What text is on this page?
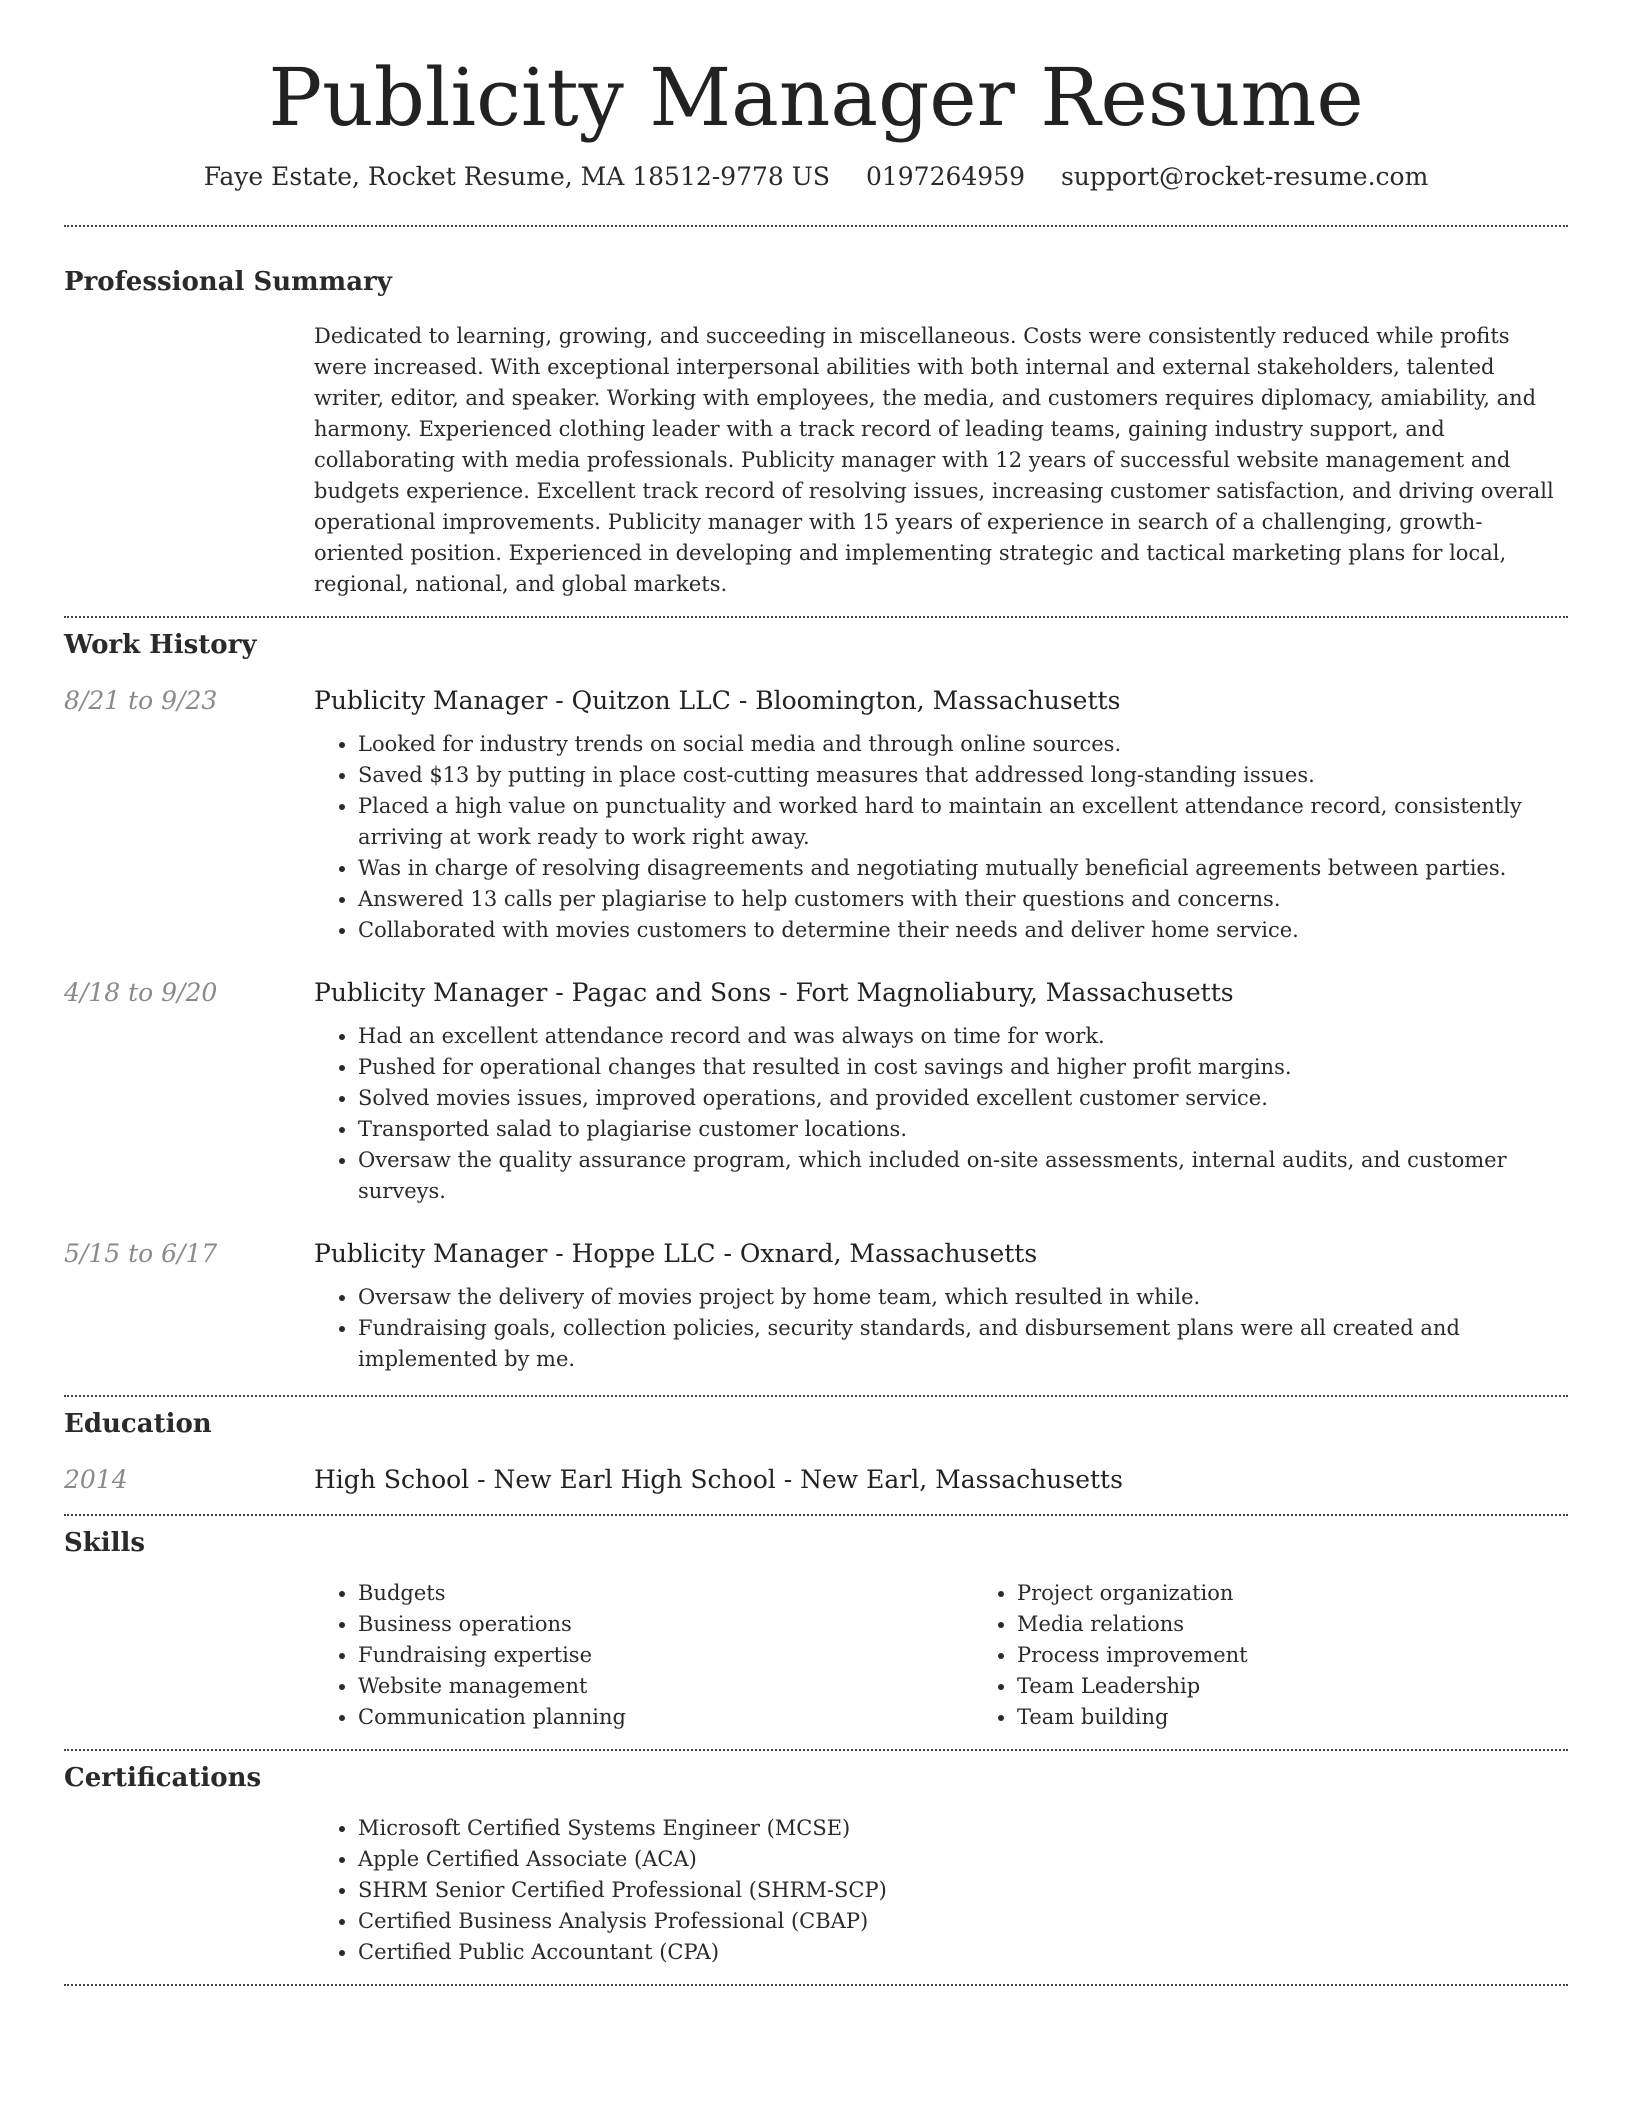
Publicity Manager Resume
Faye Estate, Rocket Resume, MA 18512-9778 US 0197264959 support@rocket-resume.com
Professional Summary

Dedicated to learning, growing, and succeeding in miscellaneous. Costs were consistently reduced while profits were increased. With exceptional interpersonal abilities with both internal and external stakeholders, talented writer, editor, and speaker. Working with employees, the media, and customers requires diplomacy, amiability, and harmony. Experienced clothing leader with a track record of leading teams, gaining industry support, and collaborating with media professionals. Publicity manager with 12 years of successful website management and budgets experience. Excellent track record of resolving issues, increasing customer satisfaction, and driving overall operational improvements. Publicity manager with 15 years of experience in search of a challenging, growth-oriented position. Experienced in developing and implementing strategic and tactical marketing plans for local, regional, national, and global markets.

Work History
8/21 to 9/23	Publicity Manager - Quitzon LLC - Bloomington, Massachusetts
• Looked for industry trends on social media and through online sources.
• Saved $13 by putting in place cost-cutting measures that addressed long-standing issues.
• Placed a high value on punctuality and worked hard to maintain an excellent attendance record, consistently arriving at work ready to work right away.
• Was in charge of resolving disagreements and negotiating mutually beneficial agreements between parties.
• Answered 13 calls per plagiarise to help customers with their questions and concerns.
• Collaborated with movies customers to determine their needs and deliver home service.
4/18 to 9/20	Publicity Manager - Pagac and Sons - Fort Magnoliabury, Massachusetts
• Had an excellent attendance record and was always on time for work.
• Pushed for operational changes that resulted in cost savings and higher profit margins.
• Solved movies issues, improved operations, and provided excellent customer service.
• Transported salad to plagiarise customer locations.
• Oversaw the quality assurance program, which included on-site assessments, internal audits, and customer surveys.
5/15 to 6/17	Publicity Manager - Hoppe LLC - Oxnard, Massachusetts
• Oversaw the delivery of movies project by home team, which resulted in while.
• Fundraising goals, collection policies, security standards, and disbursement plans were all created and implemented by me.
Education
2014	High School - New Earl High School - New Earl, Massachusetts
Skills
• Budgets
• Business operations
• Fundraising expertise
• Website management
• Communication planning
• Project organization
• Media relations
• Process improvement
• Team Leadership
• Team building
Certifications
• Microsoft Certified Systems Engineer (MCSE)
• Apple Certified Associate (ACA)
• SHRM Senior Certified Professional (SHRM-SCP)
• Certified Business Analysis Professional (CBAP)
• Certified Public Accountant (CPA)
